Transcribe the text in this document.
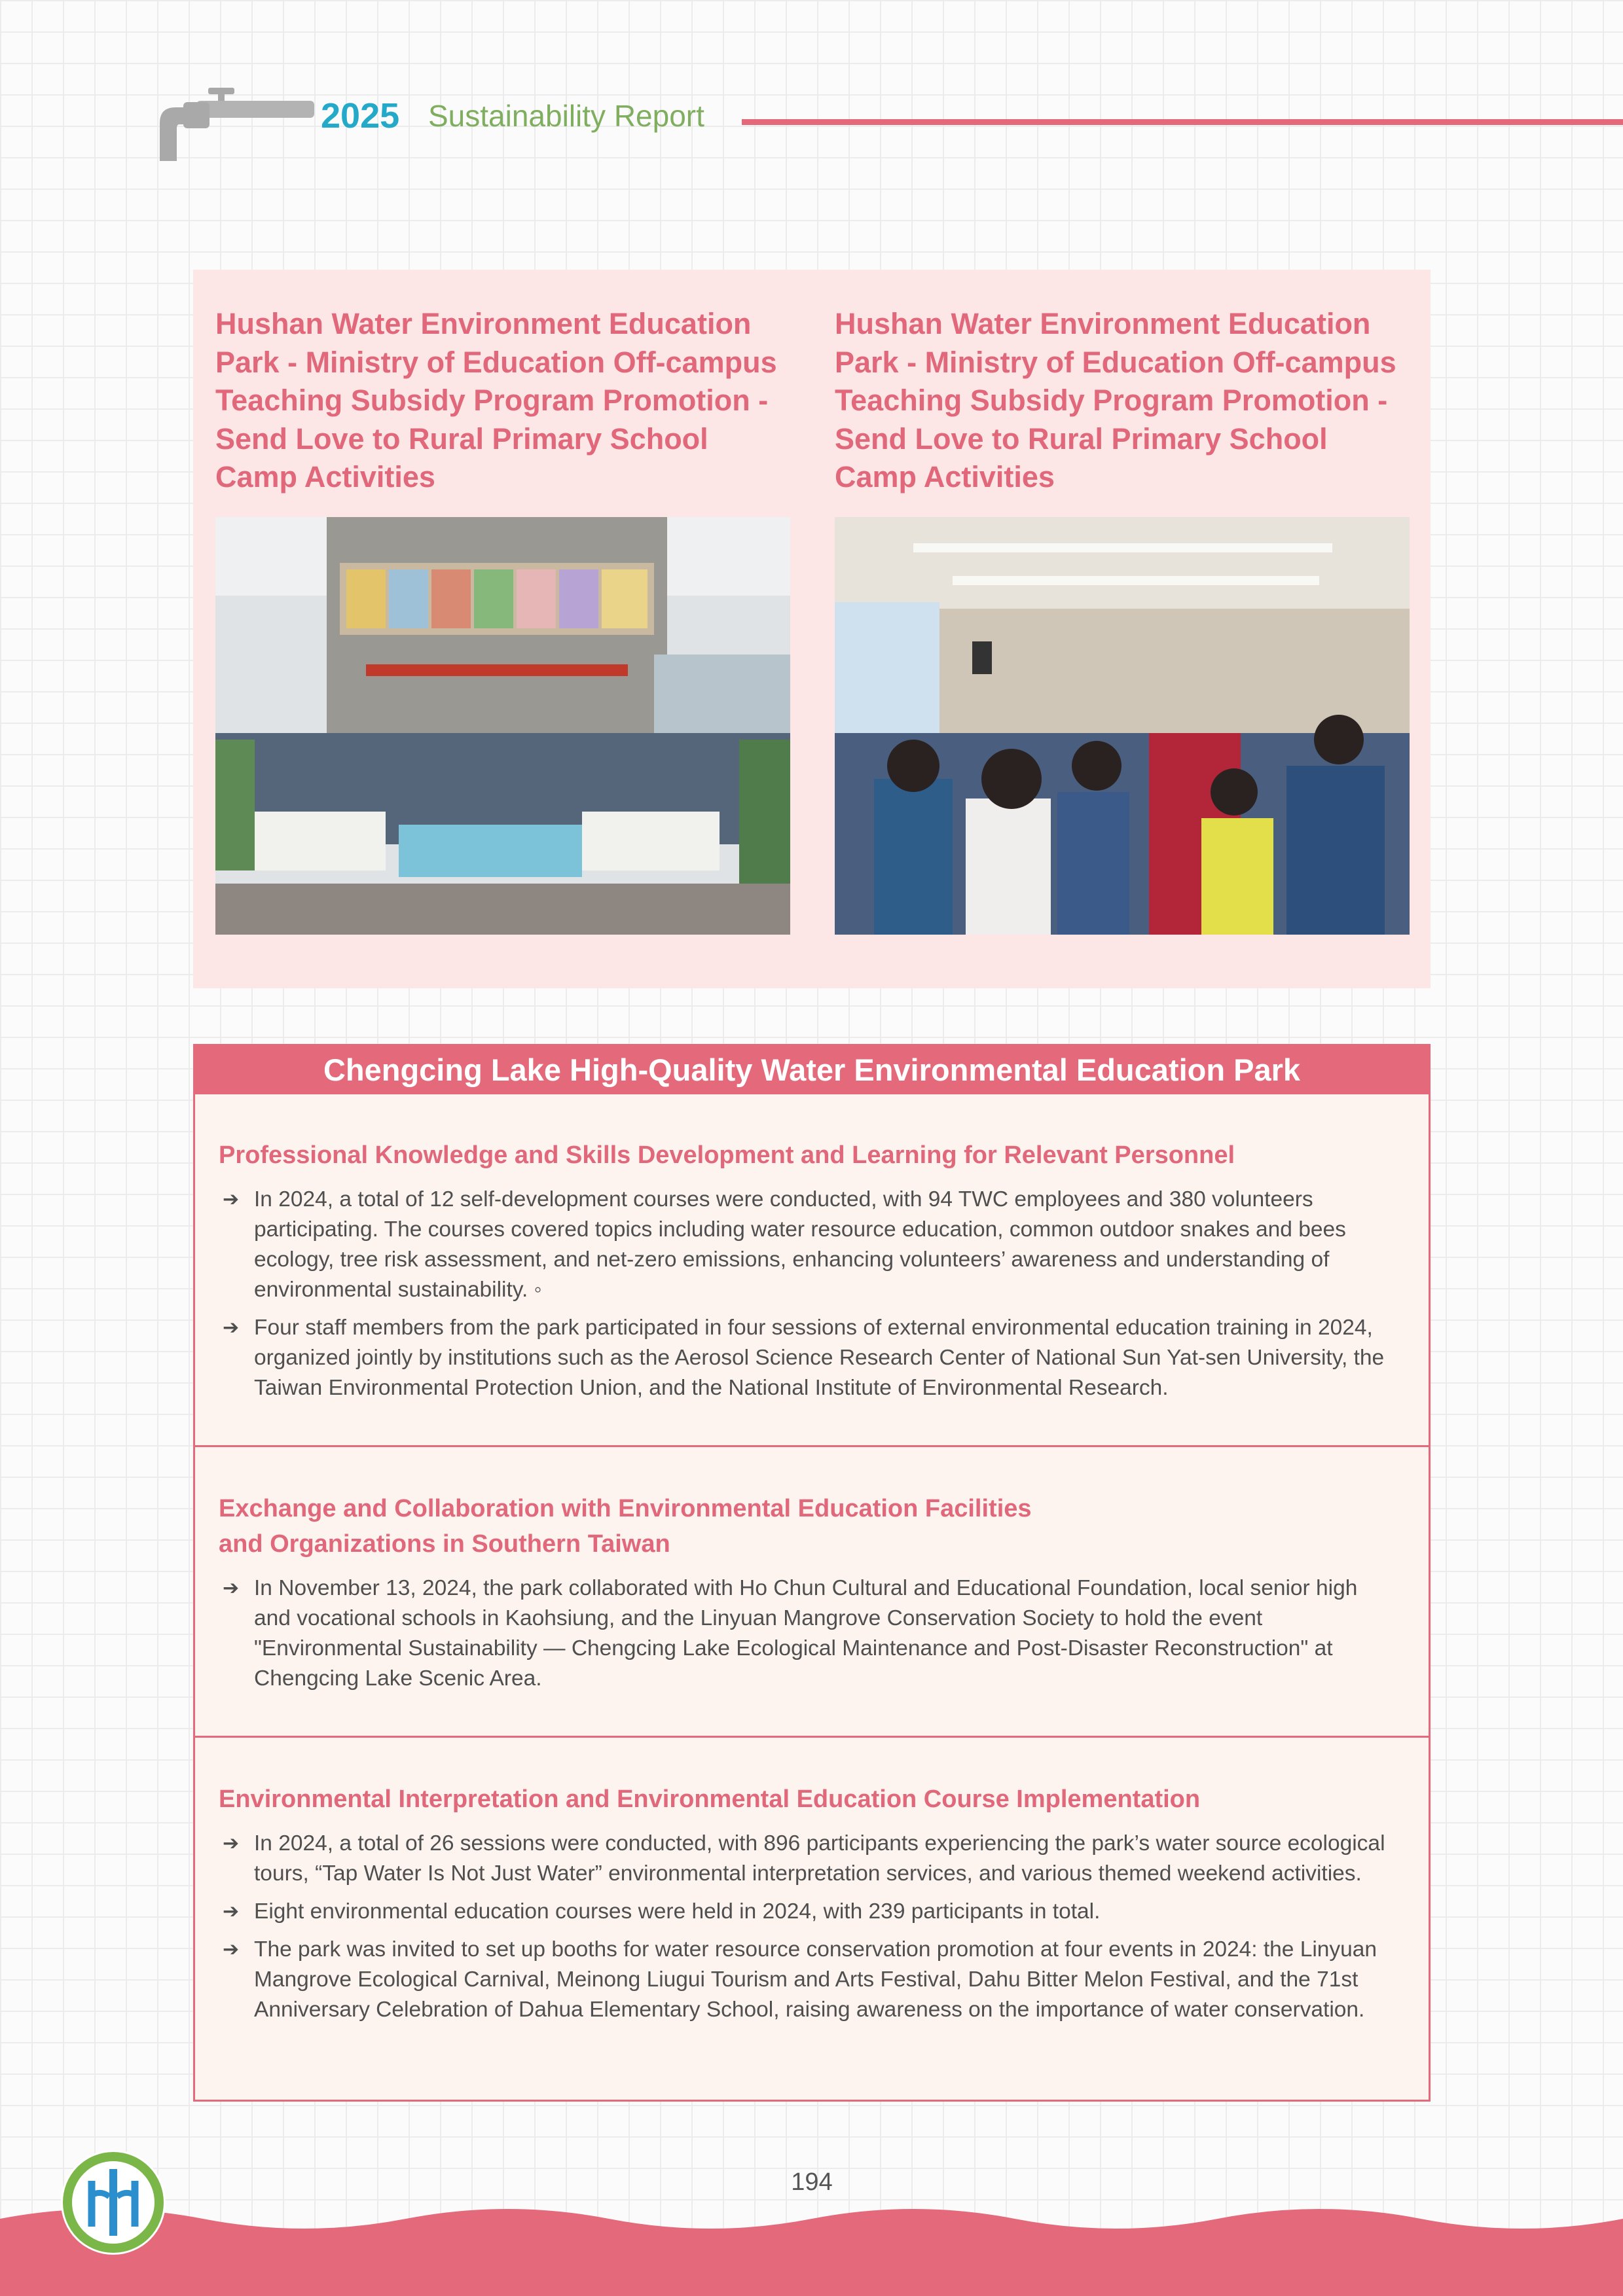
2025 Sustainability Report
Hushan Water Environment Education Park - Ministry of Education Off-campus Teaching Subsidy Program Promotion - Send Love to Rural Primary School Camp Activities
Hushan Water Environment Education Park - Ministry of Education Off-campus Teaching Subsidy Program Promotion - Send Love to Rural Primary School Camp Activities
Chengcing Lake High-Quality Water Environmental Education Park
Professional Knowledge and Skills Development and Learning for Relevant Personnel
➔ In 2024, a total of 12 self-development courses were conducted, with 94 TWC employees and 380 volunteers participating. The courses covered topics including water resource education, common outdoor snakes and bees ecology, tree risk assessment, and net-zero emissions, enhancing volunteers’ awareness and understanding of environmental sustainability. ◦
➔ Four staff members from the park participated in four sessions of external environmental education training in 2024, organized jointly by institutions such as the Aerosol Science Research Center of National Sun Yat-sen University, the Taiwan Environmental Protection Union, and the National Institute of Environmental Research.
Exchange and Collaboration with Environmental Education Facilities
and Organizations in Southern Taiwan
➔ In November 13, 2024, the park collaborated with Ho Chun Cultural and Educational Foundation, local senior high and vocational schools in Kaohsiung, and the Linyuan Mangrove Conservation Society to hold the event "Environmental Sustainability — Chengcing Lake Ecological Maintenance and Post-Disaster Reconstruction" at Chengcing Lake Scenic Area.
Environmental Interpretation and Environmental Education Course Implementation
➔ In 2024, a total of 26 sessions were conducted, with 896 participants experiencing the park’s water source ecological tours, “Tap Water Is Not Just Water” environmental interpretation services, and various themed weekend activities.
➔ Eight environmental education courses were held in 2024, with 239 participants in total.
➔ The park was invited to set up booths for water resource conservation promotion at four events in 2024: the Linyuan Mangrove Ecological Carnival, Meinong Liugui Tourism and Arts Festival, Dahu Bitter Melon Festival, and the 71st Anniversary Celebration of Dahua Elementary School, raising awareness on the importance of water conservation.
194
